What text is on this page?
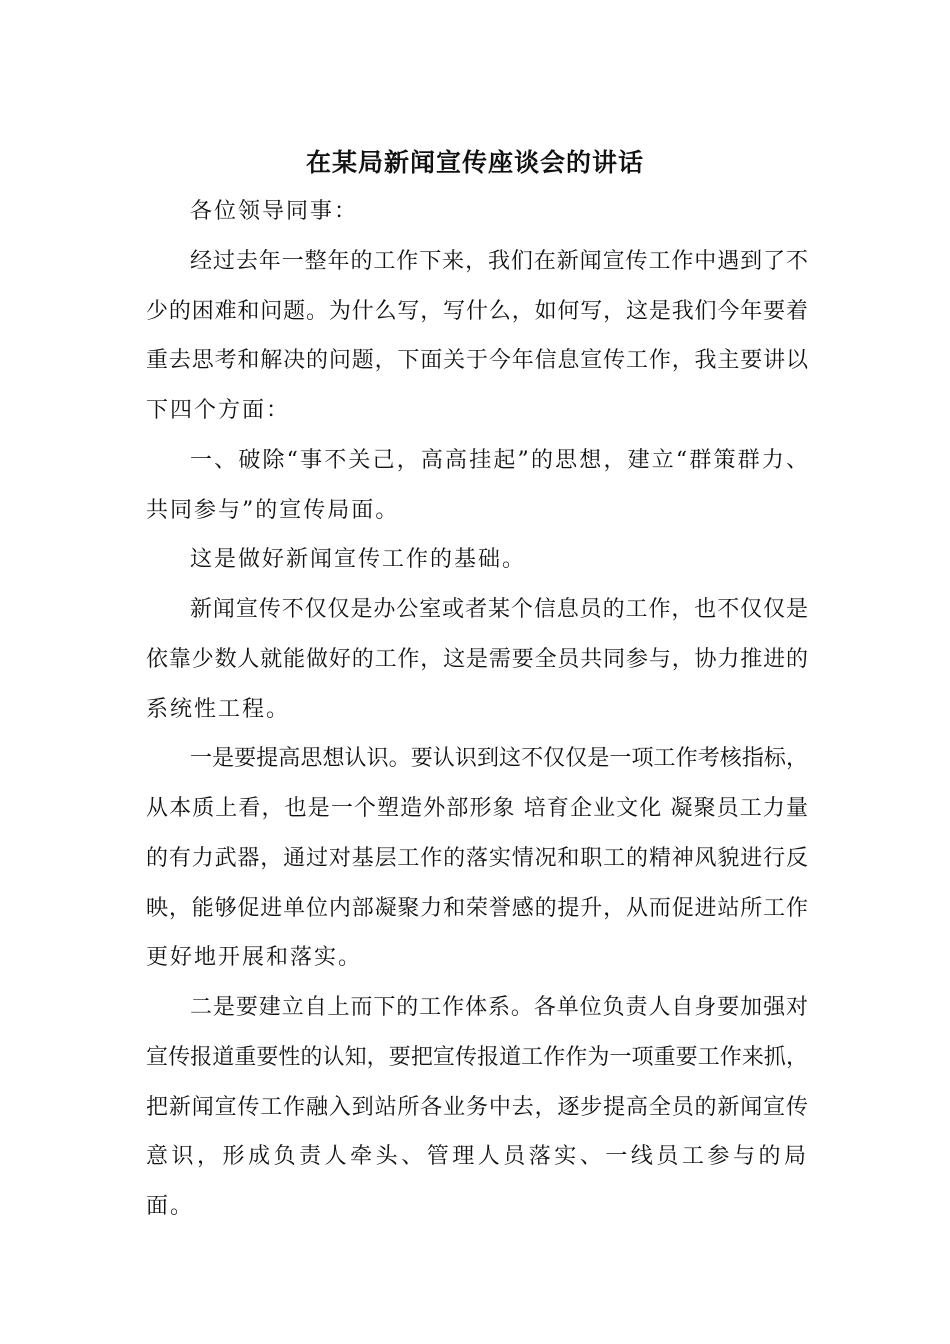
在某局新闻宣传座谈会的讲话
各位领导同事：
经过去年一整年的工作下来，我们在新闻宣传工作中遇到了不
少的困难和问题。为什么写，写什么，如何写，这是我们今年要着
重去思考和解决的问题，下面关于今年信息宣传工作，我主要讲以
下四个方面：
一、破除“事不关己，高高挂起”的思想，建立“群策群力、
共同参与”的宣传局面。
这是做好新闻宣传工作的基础。
新闻宣传不仅仅是办公室或者某个信息员的工作，也不仅仅是
依靠少数人就能做好的工作，这是需要全员共同参与，协力推进的
系统性工程。
一是要提高思想认识。要认识到这不仅仅是一项工作考核指标，
从本质上看，也是一个塑造外部形象 培育企业文化 凝聚员工力量
的有力武器，通过对基层工作的落实情况和职工的精神风貌进行反
映，能够促进单位内部凝聚力和荣誉感的提升，从而促进站所工作
更好地开展和落实。
二是要建立自上而下的工作体系。各单位负责人自身要加强对
宣传报道重要性的认知，要把宣传报道工作作为一项重要工作来抓，
把新闻宣传工作融入到站所各业务中去，逐步提高全员的新闻宣传
意识，形成负责人牵头、管理人员落实、一线员工参与的局面。
